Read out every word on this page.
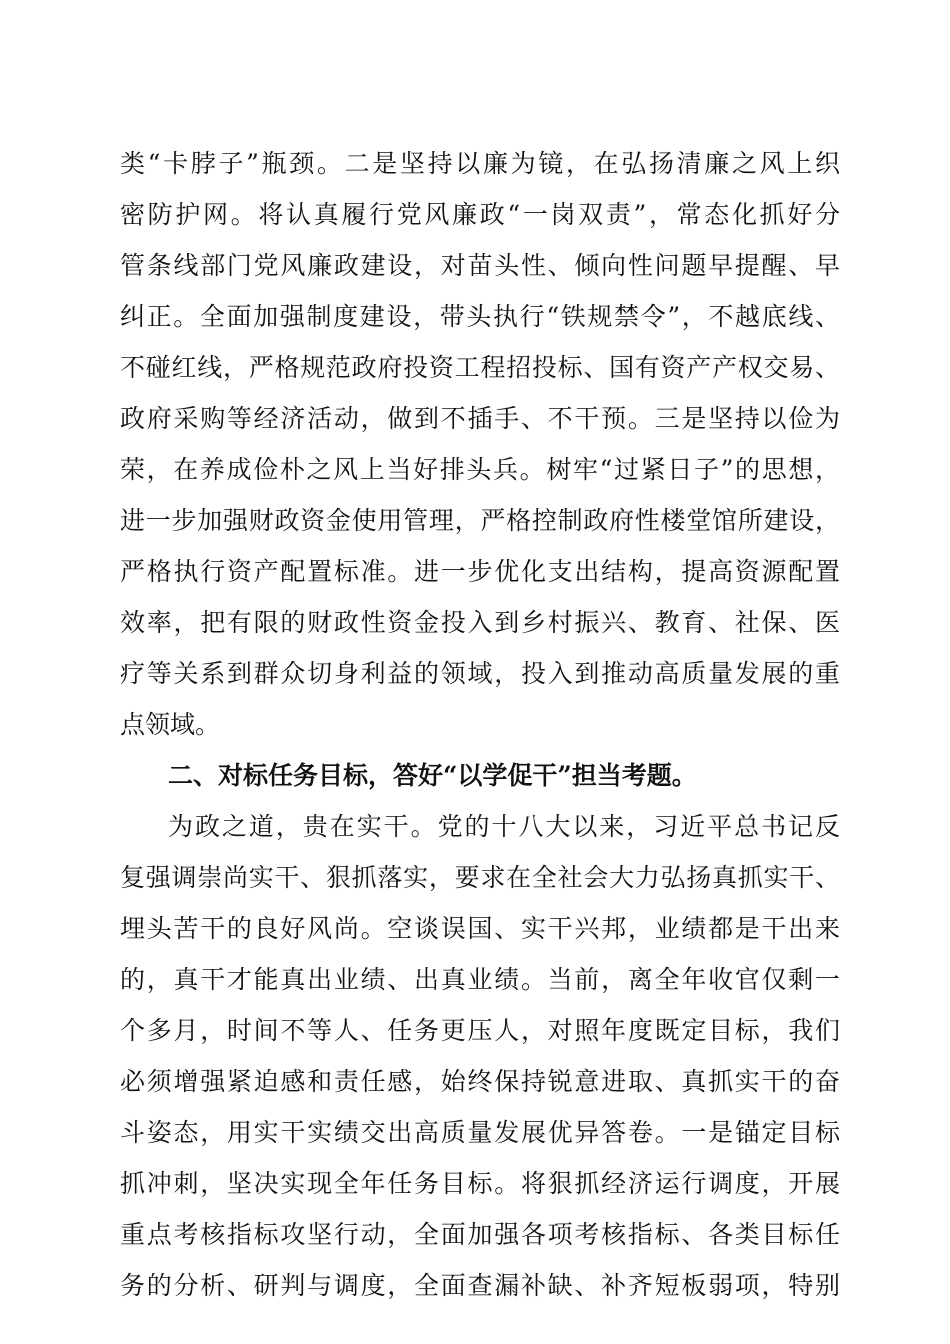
类“卡脖子”瓶颈。二是坚持以廉为镜，在弘扬清廉之风上织
密防护网。将认真履行党风廉政“一岗双责”，常态化抓好分
管条线部门党风廉政建设，对苗头性、倾向性问题早提醒、早
纠正。全面加强制度建设，带头执行“铁规禁令”，不越底线、
不碰红线，严格规范政府投资工程招投标、国有资产产权交易、
政府采购等经济活动，做到不插手、不干预。三是坚持以俭为
荣，在养成俭朴之风上当好排头兵。树牢“过紧日子”的思想，
进一步加强财政资金使用管理，严格控制政府性楼堂馆所建设，
严格执行资产配置标准。进一步优化支出结构，提高资源配置
效率，把有限的财政性资金投入到乡村振兴、教育、社保、医
疗等关系到群众切身利益的领域，投入到推动高质量发展的重
点领域。
二、对标任务目标，答好“以学促干”担当考题。
为政之道，贵在实干。党的十八大以来，习近平总书记反
复强调崇尚实干、狠抓落实，要求在全社会大力弘扬真抓实干、
埋头苦干的良好风尚。空谈误国、实干兴邦，业绩都是干出来
的，真干才能真出业绩、出真业绩。当前，离全年收官仅剩一
个多月，时间不等人、任务更压人，对照年度既定目标，我们
必须增强紧迫感和责任感，始终保持锐意进取、真抓实干的奋
斗姿态，用实干实绩交出高质量发展优异答卷。一是锚定目标
抓冲刺，坚决实现全年任务目标。将狠抓经济运行调度，开展
重点考核指标攻坚行动，全面加强各项考核指标、各类目标任
务的分析、研判与调度，全面查漏补缺、补齐短板弱项，特别
